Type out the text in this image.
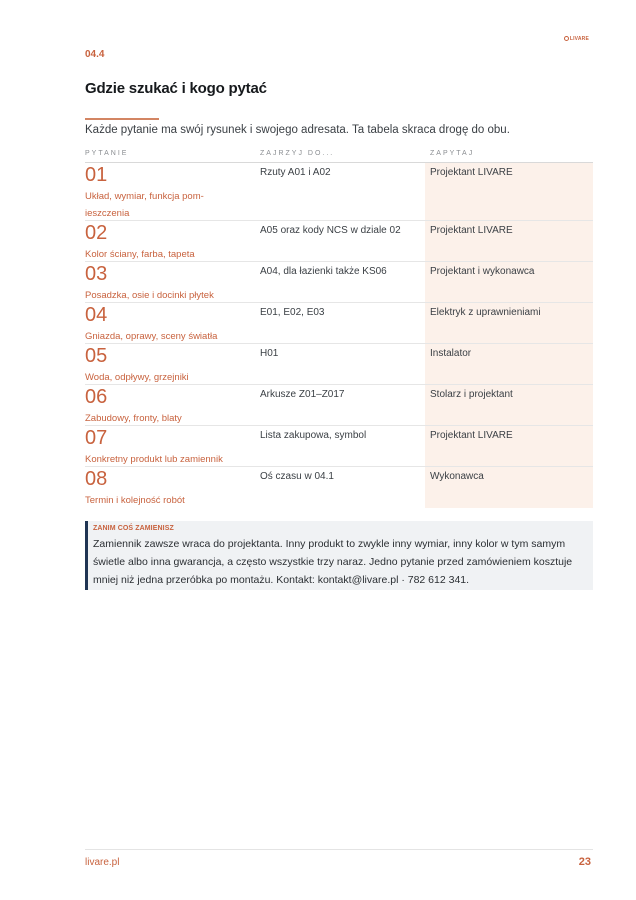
LIVARE
04.4
Gdzie szukać i kogo pytać

Każde pytanie ma swój rysunek i swojego adresata. Ta tabela skraca drogę do obu.

PYTANIE	ZAJRZYJ DO...	ZAPYTAJ
01
Układ, wymiar, funkcja pomieszczenia
Rzuty A01 i A02	Projektant LIVARE
02
Kolor ściany, farba, tapeta
A05 oraz kody NCS w dziale 02	Projektant LIVARE
03
Posadzka, osie i docinki płytek
A04, dla łazienki także KS06	Projektant i wykonawca
04
Gniazda, oprawy, sceny światła
E01, E02, E03	Elektryk z uprawnieniami
05
Woda, odpływy, grzejniki
H01	Instalator
06
Zabudowy, fronty, blaty
Arkusze Z01–Z017	Stolarz i projektant
07
Konkretny produkt lub zamiennik
Lista zakupowa, symbol	Projektant LIVARE
08
Termin i kolejność robót
Oś czasu w 04.1	Wykonawca
ZANIM COŚ ZAMIENISZ

Zamiennik zawsze wraca do projektanta. Inny produkt to zwykle inny wymiar, inny kolor w tym samym świetle albo inna gwarancja, a często wszystkie trzy naraz. Jedno pytanie przed zamówieniem kosztuje mniej niż jedna przeróbka po montażu. Kontakt: kontakt@livare.pl · 782 612 341.

livare.pl	23
